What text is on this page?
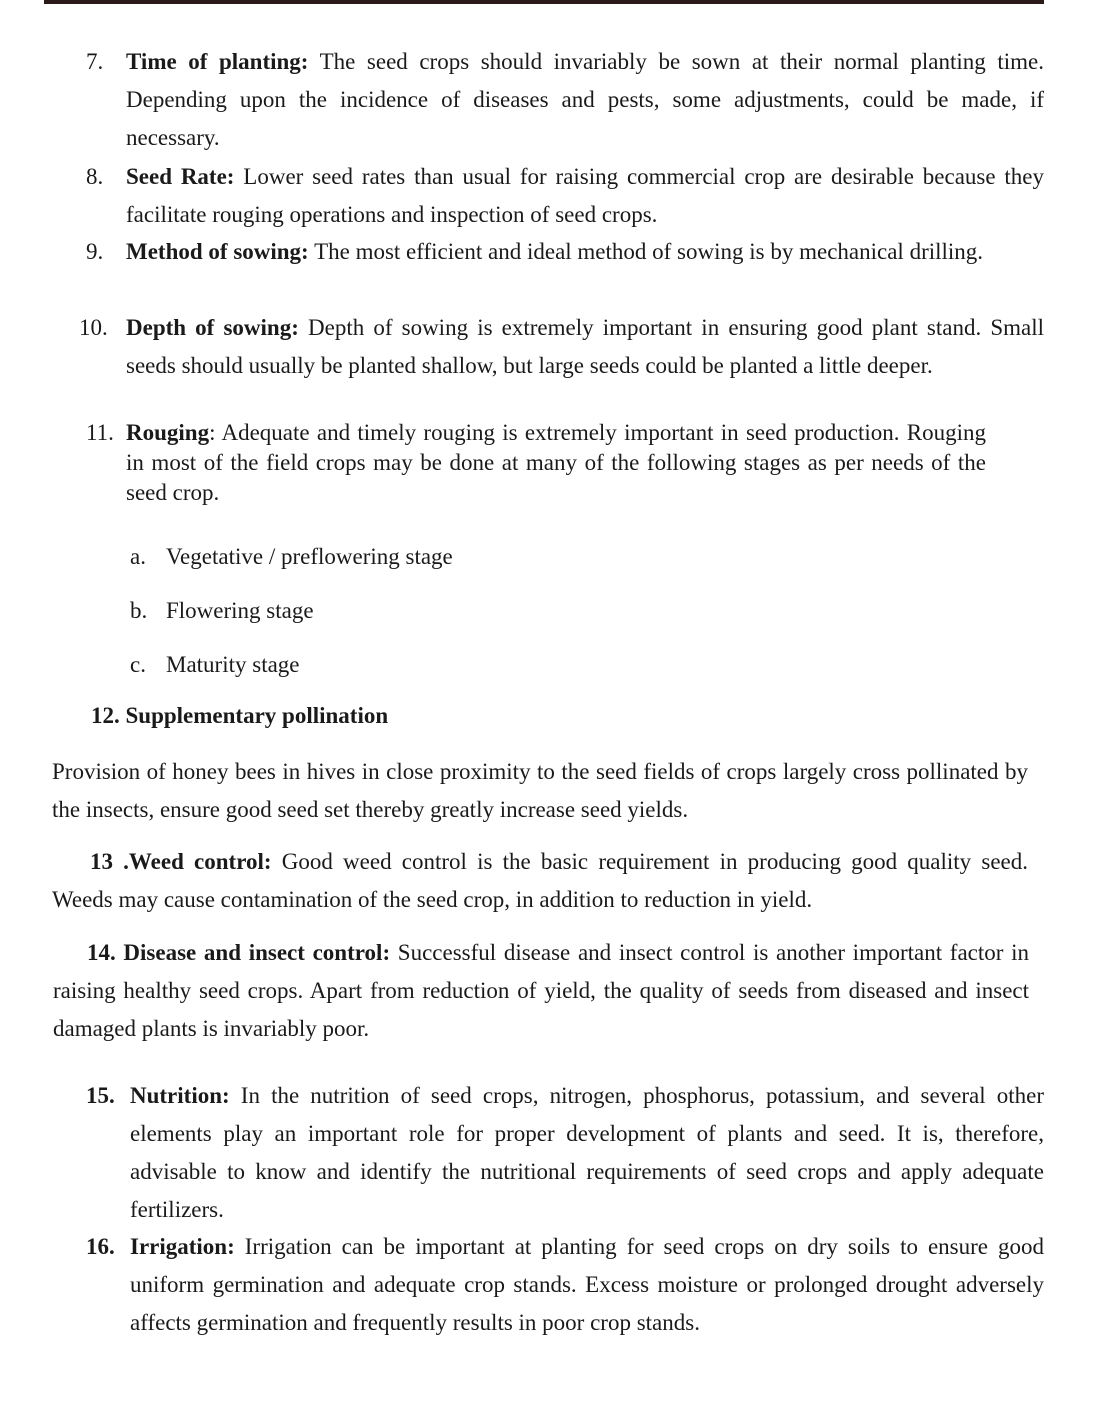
7. Time of planting: The seed crops should invariably be sown at their normal planting time. Depending upon the incidence of diseases and pests, some adjustments, could be made, if necessary.
8. Seed Rate: Lower seed rates than usual for raising commercial crop are desirable because they facilitate rouging operations and inspection of seed crops.
9. Method of sowing: The most efficient and ideal method of sowing is by mechanical drilling.
10. Depth of sowing: Depth of sowing is extremely important in ensuring good plant stand. Small seeds should usually be planted shallow, but large seeds could be planted a little deeper.
11. Rouging: Adequate and timely rouging is extremely important in seed production. Rouging in most of the field crops may be done at many of the following stages as per needs of the seed crop.
a. Vegetative / preflowering stage
b. Flowering stage
c. Maturity stage
12. Supplementary pollination
Provision of honey bees in hives in close proximity to the seed fields of crops largely cross pollinated by the insects, ensure good seed set thereby greatly increase seed yields.
13 .Weed control: Good weed control is the basic requirement in producing good quality seed. Weeds may cause contamination of the seed crop, in addition to reduction in yield.
14. Disease and insect control: Successful disease and insect control is another important factor in raising healthy seed crops. Apart from reduction of yield, the quality of seeds from diseased and insect damaged plants is invariably poor.
15. Nutrition: In the nutrition of seed crops, nitrogen, phosphorus, potassium, and several other elements play an important role for proper development of plants and seed. It is, therefore, advisable to know and identify the nutritional requirements of seed crops and apply adequate fertilizers.
16. Irrigation: Irrigation can be important at planting for seed crops on dry soils to ensure good uniform germination and adequate crop stands. Excess moisture or prolonged drought adversely affects germination and frequently results in poor crop stands.
